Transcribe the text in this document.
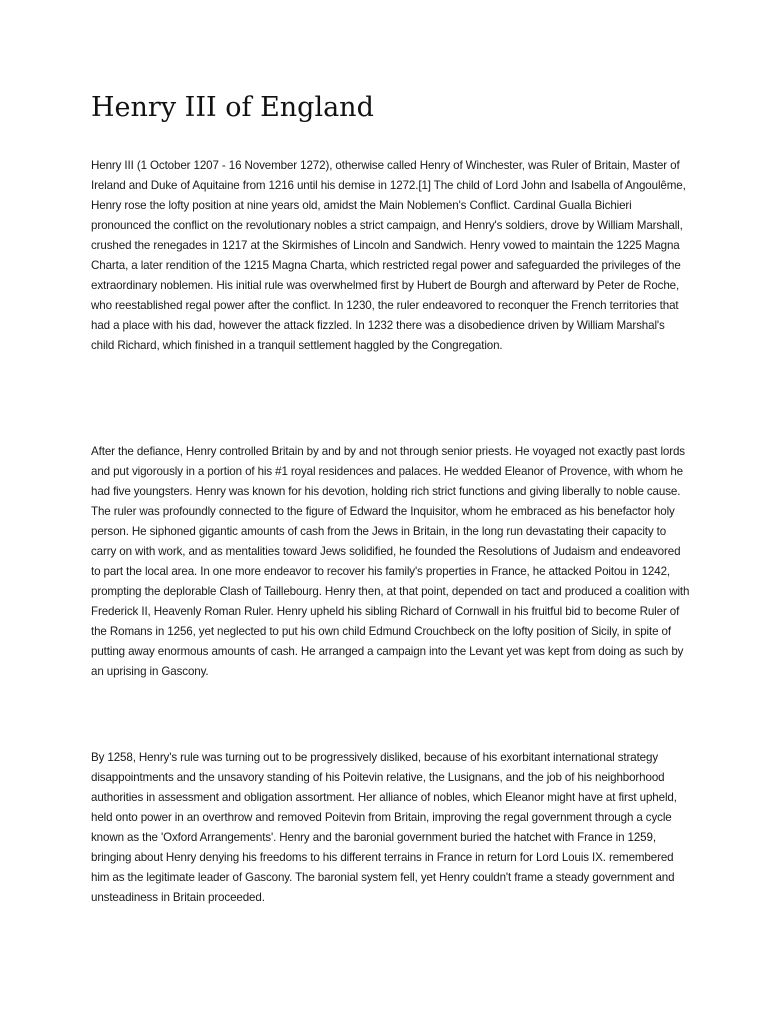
Henry III of England

Henry III (1 October 1207 - 16 November 1272), otherwise called Henry of Winchester, was Ruler of Britain, Master of Ireland and Duke of Aquitaine from 1216 until his demise in 1272.[1] The child of Lord John and Isabella of Angoulême, Henry rose the lofty position at nine years old, amidst the Main Noblemen's Conflict. Cardinal Gualla Bichieri pronounced the conflict on the revolutionary nobles a strict campaign, and Henry's soldiers, drove by William Marshall, crushed the renegades in 1217 at the Skirmishes of Lincoln and Sandwich. Henry vowed to maintain the 1225 Magna Charta, a later rendition of the 1215 Magna Charta, which restricted regal power and safeguarded the privileges of the extraordinary noblemen. His initial rule was overwhelmed first by Hubert de Bourgh and afterward by Peter de Roche, who reestablished regal power after the conflict. In 1230, the ruler endeavored to reconquer the French territories that had a place with his dad, however the attack fizzled. In 1232 there was a disobedience driven by William Marshal's child Richard, which finished in a tranquil settlement haggled by the Congregation.

After the defiance, Henry controlled Britain by and by and not through senior priests. He voyaged not exactly past lords and put vigorously in a portion of his #1 royal residences and palaces. He wedded Eleanor of Provence, with whom he had five youngsters. Henry was known for his devotion, holding rich strict functions and giving liberally to noble cause. The ruler was profoundly connected to the figure of Edward the Inquisitor, whom he embraced as his benefactor holy person. He siphoned gigantic amounts of cash from the Jews in Britain, in the long run devastating their capacity to carry on with work, and as mentalities toward Jews solidified, he founded the Resolutions of Judaism and endeavored to part the local area. In one more endeavor to recover his family's properties in France, he attacked Poitou in 1242, prompting the deplorable Clash of Taillebourg. Henry then, at that point, depended on tact and produced a coalition with Frederick II, Heavenly Roman Ruler. Henry upheld his sibling Richard of Cornwall in his fruitful bid to become Ruler of the Romans in 1256, yet neglected to put his own child Edmund Crouchbeck on the lofty position of Sicily, in spite of putting away enormous amounts of cash. He arranged a campaign into the Levant yet was kept from doing as such by an uprising in Gascony.

By 1258, Henry's rule was turning out to be progressively disliked, because of his exorbitant international strategy disappointments and the unsavory standing of his Poitevin relative, the Lusignans, and the job of his neighborhood authorities in assessment and obligation assortment. Her alliance of nobles, which Eleanor might have at first upheld, held onto power in an overthrow and removed Poitevin from Britain, improving the regal government through a cycle known as the 'Oxford Arrangements'. Henry and the baronial government buried the hatchet with France in 1259, bringing about Henry denying his freedoms to his different terrains in France in return for Lord Louis IX. remembered him as the legitimate leader of Gascony. The baronial system fell, yet Henry couldn't frame a steady government and unsteadiness in Britain proceeded.
